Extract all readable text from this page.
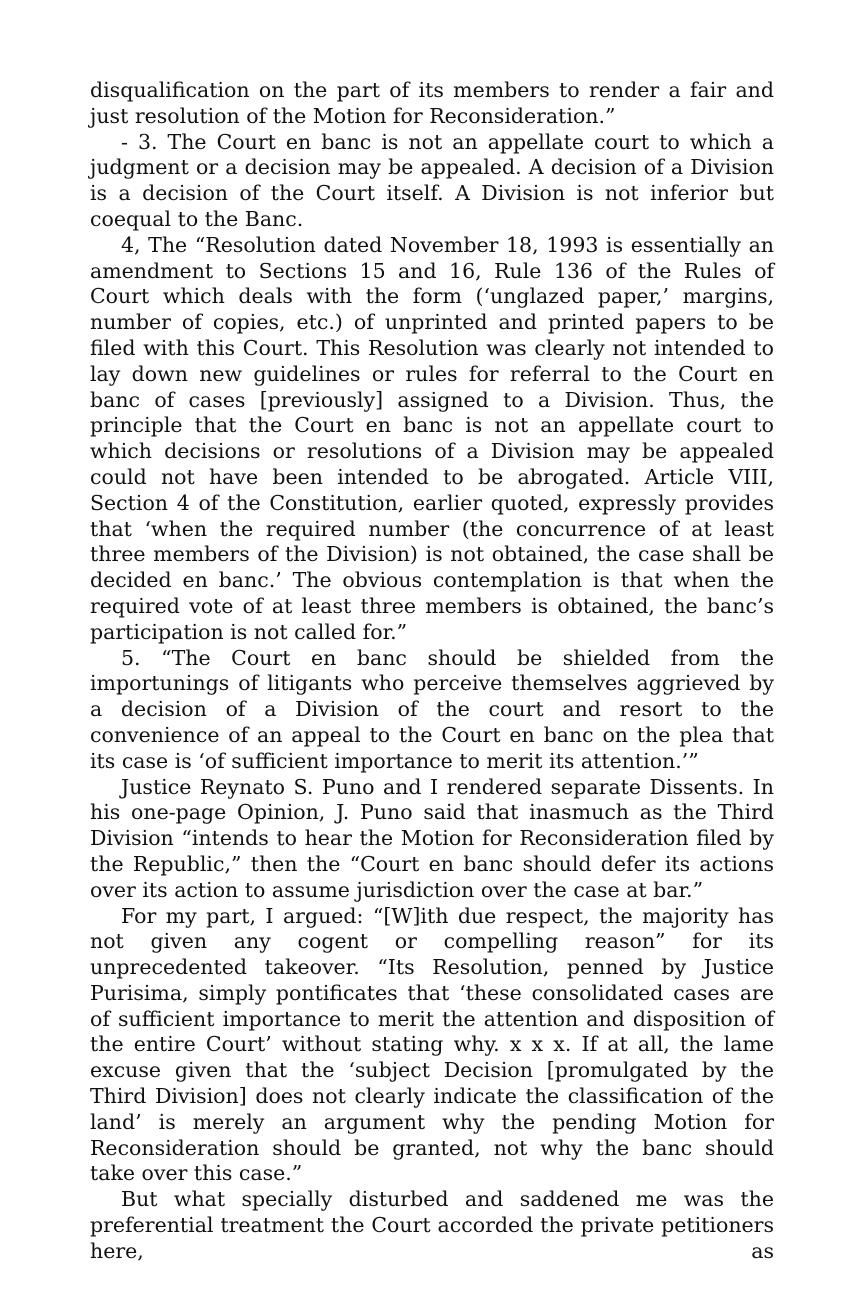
disqualification on the part of its members to render a fair and just resolution of the Motion for Reconsideration.”

- 3. The Court en banc is not an appellate court to which a judgment or a decision may be appealed. A decision of a Division is a decision of the Court itself. A Division is not inferior but coequal to the Banc.

4, The “Resolution dated November 18, 1993 is essentially an amendment to Sections 15 and 16, Rule 136 of the Rules of Court which deals with the form (‘unglazed paper,’ margins, number of copies, etc.) of unprinted and printed papers to be filed with this Court. This Resolution was clearly not intended to lay down new guidelines or rules for referral to the Court en banc of cases [previously] assigned to a Division. Thus, the principle that the Court en banc is not an appellate court to which decisions or resolutions of a Division may be appealed could not have been intended to be abrogated. Article VIII, Section 4 of the Constitution, earlier quoted, expressly provides that ‘when the required number (the concurrence of at least three members of the Division) is not obtained, the case shall be decided en banc.’ The obvious contemplation is that when the required vote of at least three members is obtained, the banc’s participation is not called for.”

5. “The Court en banc should be shielded from the importunings of litigants who perceive themselves aggrieved by a decision of a Division of the court and resort to the convenience of an appeal to the Court en banc on the plea that its case is ‘of sufficient importance to merit its attention.’”

Justice Reynato S. Puno and I rendered separate Dissents. In his one-page Opinion, J. Puno said that inasmuch as the Third Division “intends to hear the Motion for Reconsideration filed by the Republic,” then the “Court en banc should defer its actions over its action to assume jurisdiction over the case at bar.”

For my part, I argued: “[W]ith due respect, the majority has not given any cogent or compelling reason” for its unprecedented takeover. “Its Resolution, penned by Justice Purisima, simply pontificates that ‘these consolidated cases are of sufficient importance to merit the attention and disposition of the entire Court’ without stating why. x x x. If at all, the lame excuse given that the ‘subject Decision [promulgated by the Third Division] does not clearly indicate the classification of the land’ is merely an argument why the pending Motion for Reconsideration should be granted, not why the banc should take over this case.”

But what specially disturbed and saddened me was the preferential treatment the Court accorded the private petitioners here, as
